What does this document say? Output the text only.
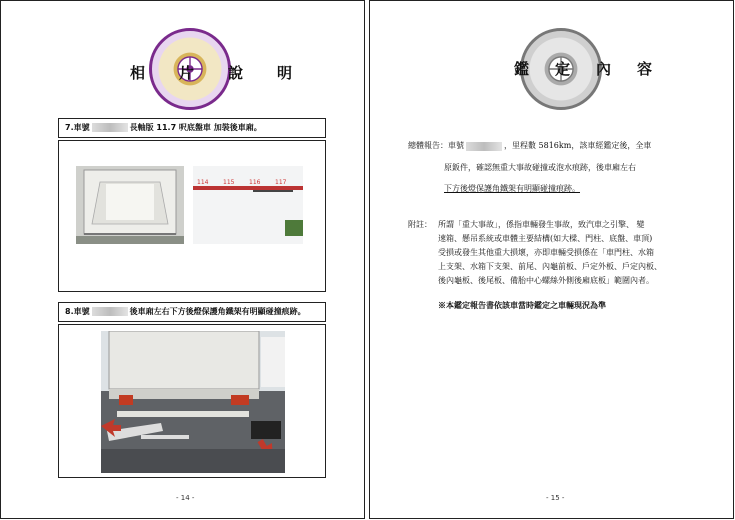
相片說明
7.車號	長軸版 11.7 呎底盤車 加裝後車廂。
114 115 116 117
8.車號	後車廂左右下方後燈保護角鐵架有明顯碰撞痕跡。
- 14 -
鑑定內容
總體報告：車號	，里程數 5816km，該車經鑑定後，全車
原鈑件，確認無重大事故碰撞或泡水痕跡，後車廂左右
下方後燈保護角鐵架有明顯碰撞痕跡。
附註： 所謂「重大事故」，係指車輛發生事故，致汽車之引擎、 變
速箱、懸吊系統或車體主要結構(如大樑、門柱、底盤、車頂)
受損或發生其他重大損壞，亦即車輛受損係在「車門柱、水箱
上支架、水箱下支架、前尾、內龜前板、戶定外板、戶定內板、
後內龜板、後尾板、備胎中心螺絲外側後廂底板」範圍內者。
※本鑑定報告書依該車當時鑑定之車輛現況為準
- 15 -
